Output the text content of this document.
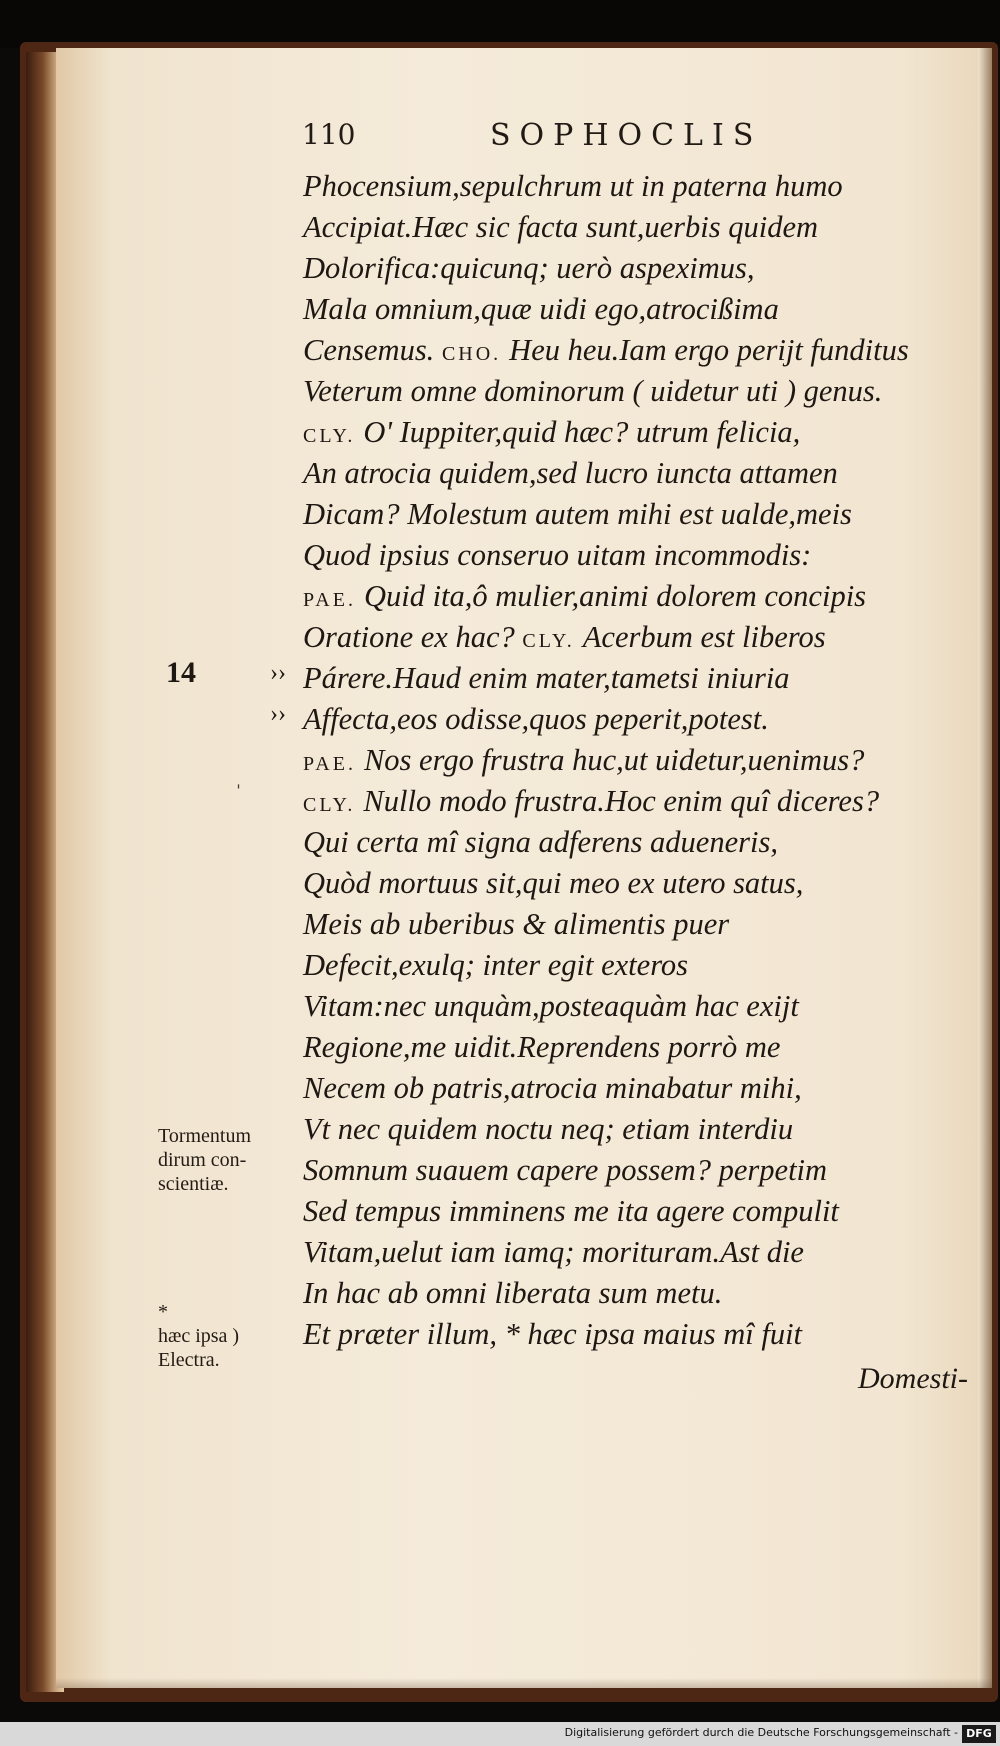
110	SOPHOCLIS
Phocensium,sepulchrum ut in paterna humo
Accipiat.Hæc sic facta sunt,uerbis quidem
Dolorifica:quicunq; uerò aspeximus,
Mala omnium,quæ uidi ego,atrocißima
Censemus. CHO. Heu heu.Iam ergo perijt funditus
Veterum omne dominorum ( uidetur uti ) genus.
CLY. O' Iuppiter,quid hæc? utrum felicia,
An atrocia quidem,sed lucro iuncta attamen
Dicam? Molestum autem mihi est ualde,meis
Quod ipsius conseruo uitam incommodis:
PAE. Quid ita,ô mulier,animi dolorem concipis
Oratione ex hac? CLY. Acerbum est liberos
Párere.Haud enim mater,tametsi iniuria
Affecta,eos odisse,quos peperit,potest.
PAE. Nos ergo frustra huc,ut uidetur,uenimus?
CLY. Nullo modo frustra.Hoc enim quî diceres?
Qui certa mî signa adferens adueneris,
Quòd mortuus sit,qui meo ex utero satus,
Meis ab uberibus & alimentis puer
Defecit,exulq; inter egit exteros
Vitam:nec unquàm,posteaquàm hac exijt
Regione,me uidit.Reprendens porrò me
Necem ob patris,atrocia minabatur mihi,
Vt nec quidem noctu neq; etiam interdiu
Somnum suauem capere possem? perpetim
Sed tempus imminens me ita agere compulit
Vitam,uelut iam iamq; morituram.Ast die
In hac ab omni liberata sum metu.
Et præter illum, * hæc ipsa maius mî fuit
Domesti-
14	››
››
ˈ
Tormentum
dirum con-
scientiæ.
*
hæc ipsa )
Electra.
Digitalisierung gefördert durch die Deutsche Forschungsgemeinschaft - DFG
